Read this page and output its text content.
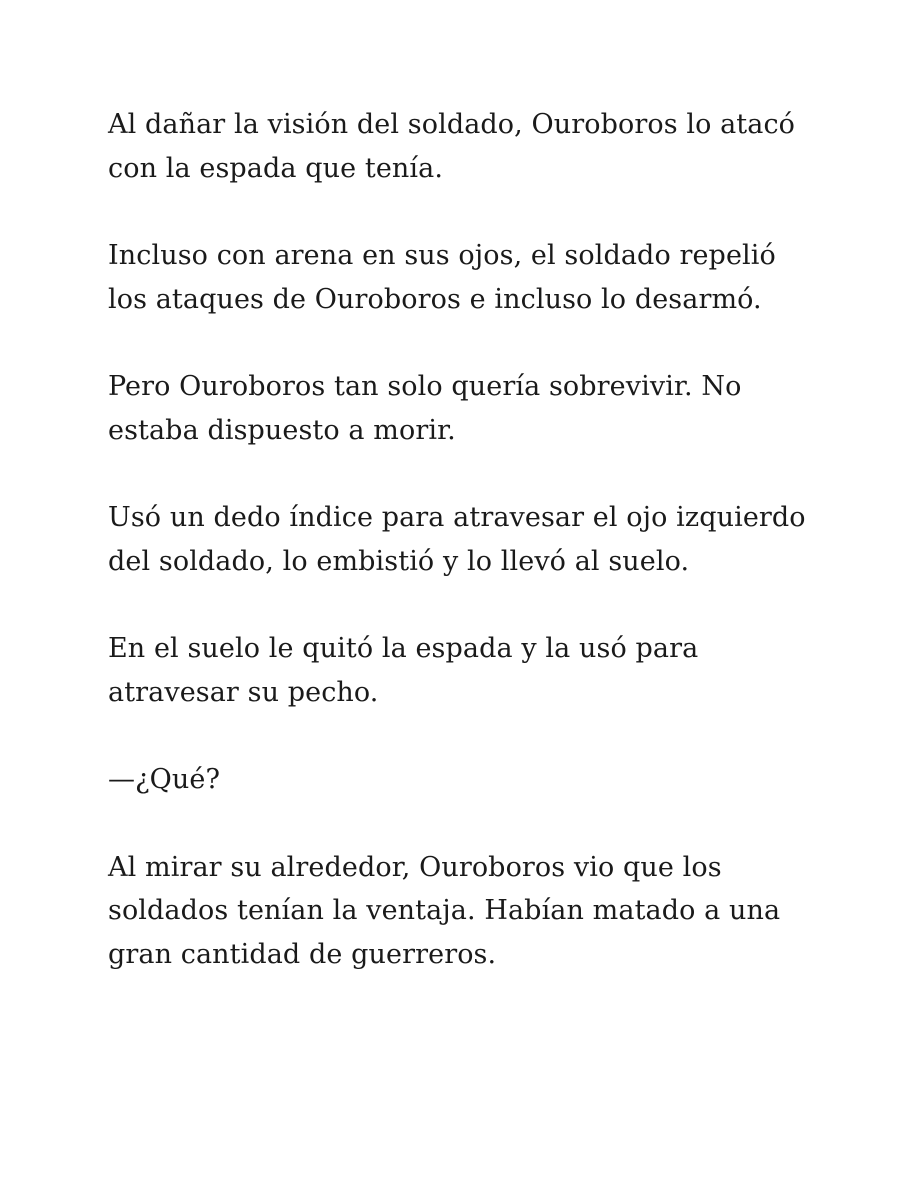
Al dañar la visión del soldado, Ouroboros lo atacó con la espada que tenía.

Incluso con arena en sus ojos, el soldado repelió los ataques de Ouroboros e incluso lo desarmó.

Pero Ouroboros tan solo quería sobrevivir. No estaba dispuesto a morir.

Usó un dedo índice para atravesar el ojo izquierdo del soldado, lo embistió y lo llevó al suelo.

En el suelo le quitó la espada y la usó para atravesar su pecho.

—¿Qué?

Al mirar su alrededor, Ouroboros vio que los soldados tenían la ventaja. Habían matado a una gran cantidad de guerreros.
